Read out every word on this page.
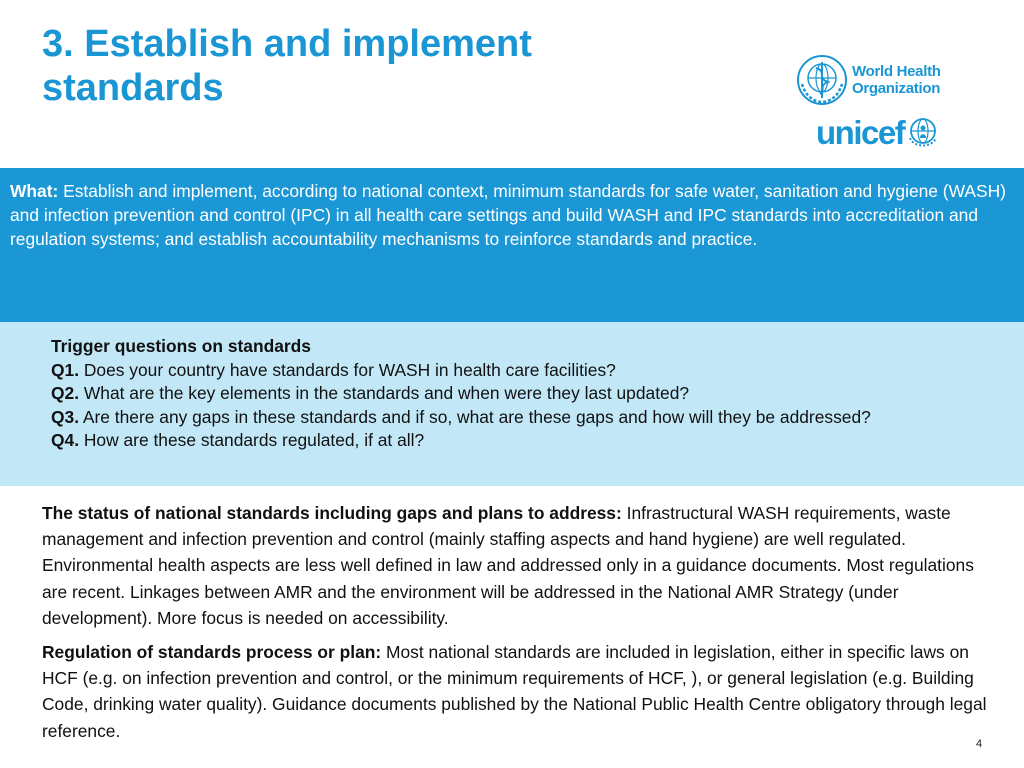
3. Establish and implement
standards	World Health
Organization
unicef
What: Establish and implement, according to national context, minimum standards for safe water, sanitation and hygiene (WASH) and infection prevention and control (IPC) in all health care settings and build WASH and IPC standards into accreditation and regulation systems; and establish accountability mechanisms to reinforce standards and practice.
Trigger questions on standards
Q1. Does your country have standards for WASH in health care facilities?
Q2. What are the key elements in the standards and when were they last updated?
Q3. Are there any gaps in these standards and if so, what are these gaps and how will they be addressed?
Q4. How are these standards regulated, if at all?

The status of national standards including gaps and plans to address: Infrastructural WASH requirements, waste management and infection prevention and control (mainly staffing aspects and hand hygiene) are well regulated. Environmental health aspects are less well defined in law and addressed only in a guidance documents. Most regulations are recent. Linkages between AMR and the environment will be addressed in the National AMR Strategy (under development). More focus is needed on accessibility.

Regulation of standards process or plan: Most national standards are included in legislation, either in specific laws on HCF (e.g. on infection prevention and control, or the minimum requirements of HCF, ), or general legislation (e.g. Building Code, drinking water quality). Guidance documents published by the National Public Health Centre obligatory through legal reference.

4
